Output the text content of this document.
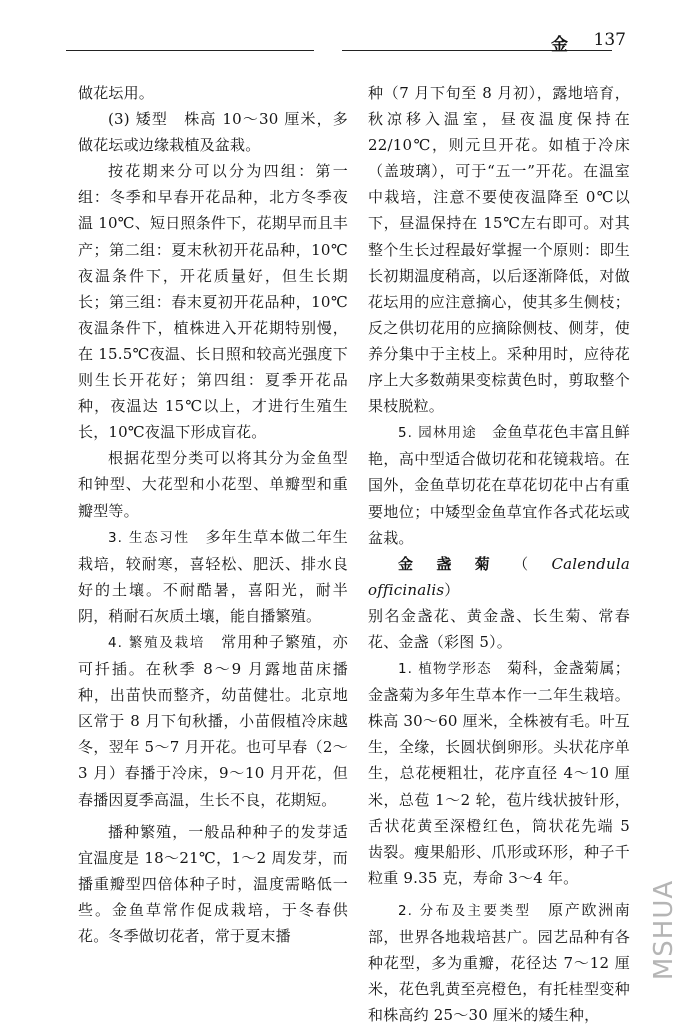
金 137

做花坛用。

(3) 矮型　株高 10～30 厘米，多做花坛或边缘栽植及盆栽。

按花期来分可以分为四组：第一组：冬季和早春开花品种，北方冬季夜温 10℃、短日照条件下，花期早而且丰产；第二组：夏末秋初开花品种，10℃夜温条件下，开花质量好，但生长期长；第三组：春末夏初开花品种，10℃夜温条件下，植株进入开花期特别慢，在 15.5℃夜温、长日照和较高光强度下则生长开花好；第四组：夏季开花品种，夜温达 15℃以上，才进行生殖生长，10℃夜温下形成盲花。

根据花型分类可以将其分为金鱼型和钟型、大花型和小花型、单瓣型和重瓣型等。

3. 生态习性　 多年生草本做二年生栽培，较耐寒，喜轻松、肥沃、排水良好的土壤。不耐酷暑，喜阳光，耐半阴，稍耐石灰质土壤，能自播繁殖。

4. 繁殖及栽培　 常用种子繁殖，亦可扦插。在秋季 8～9 月露地苗床播种，出苗快而整齐，幼苗健壮。北京地区常于 8 月下旬秋播，小苗假植冷床越冬，翌年 5～7 月开花。也可早春（2～3 月）春播于冷床，9～10 月开花，但春播因夏季高温，生长不良，花期短。

播种繁殖，一般品种种子的发芽适宜温度是 18～21℃，1～2 周发芽，而播重瓣型四倍体种子时，温度需略低一些。金鱼草常作促成栽培，于冬春供花。冬季做切花者，常于夏末播

种（7 月下旬至 8 月初），露地培育，秋凉移入温室，昼夜温度保持在 22/10℃，则元旦开花。如植于冷床（盖玻璃），可于“五一”开花。在温室中栽培，注意不要使夜温降至 0℃以下，昼温保持在 15℃左右即可。对其整个生长过程最好掌握一个原则：即生长初期温度稍高，以后逐渐降低，对做花坛用的应注意摘心，使其多生侧枝；反之供切花用的应摘除侧枝、侧芽，使养分集中于主枝上。采种用时，应待花序上大多数蒴果变棕黄色时，剪取整个果枝脱粒。

5. 园林用途　 金鱼草花色丰富且鲜艳，高中型适合做切花和花镜栽培。在国外，金鱼草切花在草花切花中占有重要地位；中矮型金鱼草宜作各式花坛或盆栽。

金盏菊（Calendula officinalis）

别名金盏花、黄金盏、长生菊、常春花、金盏（彩图 5）。

1. 植物学形态　 菊科，金盏菊属；金盏菊为多年生草本作一二年生栽培。株高 30～60 厘米，全株被有毛。叶互生，全缘，长圆状倒卵形。头状花序单生，总花梗粗壮，花序直径 4～10 厘米，总苞 1～2 轮，苞片线状披针形，舌状花黄至深橙红色，筒状花先端 5 齿裂。瘦果船形、爪形或环形，种子千粒重 9.35 克，寿命 3～4 年。

2. 分布及主要类型　 原产欧洲南部，世界各地栽培甚广。园艺品种有各种花型，多为重瓣，花径达 7～12 厘米，花色乳黄至亮橙色，有托桂型变种和株高约 25～30 厘米的矮生种，

MSHUA
